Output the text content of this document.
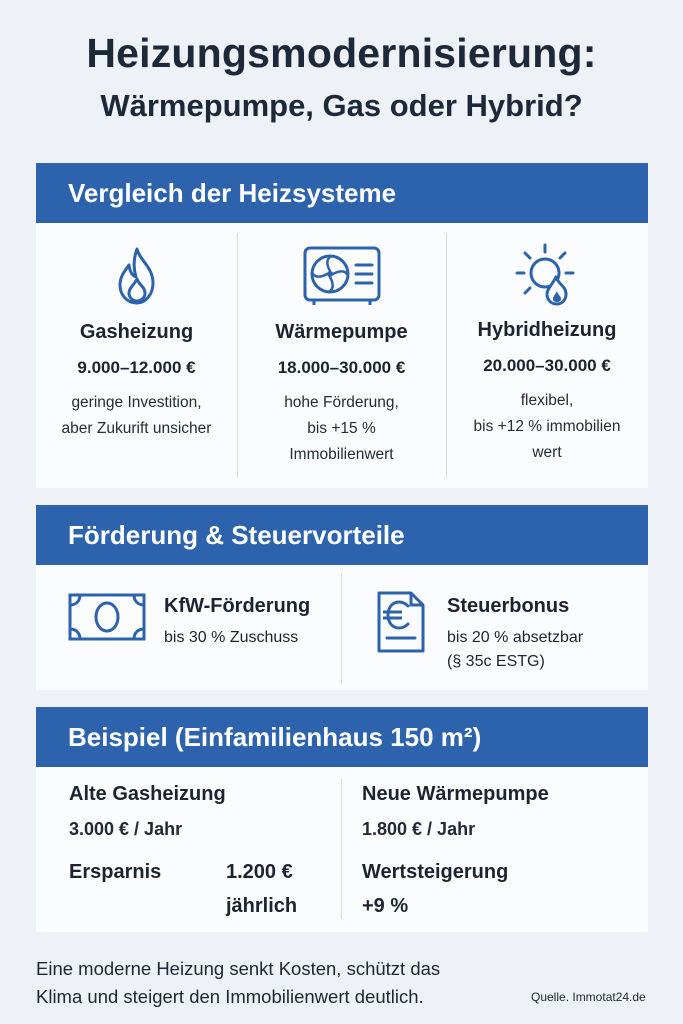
Heizungsmodernisierung:
Wärmepumpe, Gas oder Hybrid?
Vergleich der Heizsysteme
Gasheizung
9.000–12.000 €
geringe Investition,
aber Zukurift unsicher
Wärmepumpe
18.000–30.000 €
hohe Förderung,
bis +15 %
Immobilienwert
Hybridheizung
20.000–30.000 €
flexibel,
bis +12 % immobilien
wert
Förderung & Steuervorteile
KfW-Förderung
bis 30 % Zuschuss
Steuerbonus
bis 20 % absetzbar
(§ 35c ESTG)
Beispiel (Einfamilienhaus 150 m²)
Alte Gasheizung
3.000 € / Jahr
Ersparnis	1.200 €
jährlich
Neue Wärmepumpe
1.800 € / Jahr
Wertsteigerung
+9 %
Eine moderne Heizung senkt Kosten, schützt das
Klima und steigert den Immobilienwert deutlich.	Quelle. Immotat24.de
